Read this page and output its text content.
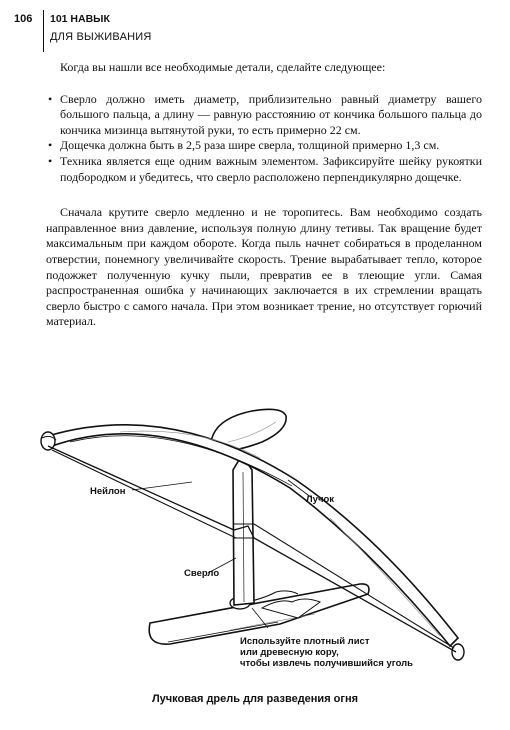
106 101 НАВЫК
ДЛЯ ВЫЖИВАНИЯ

Когда вы нашли все необходимые детали, сделайте следующее:

• Сверло должно иметь диаметр, приблизительно равный диаметру вашего большого пальца, а длину — равную расстоянию от кончика большого пальца до кончика мизинца вытянутой руки, то есть примерно 22 см.
• Дощечка должна быть в 2,5 раза шире сверла, толщиной примерно 1,3 см.
• Техника является еще одним важным элементом. Зафиксируйте шейку рукоятки подбородком и убедитесь, что сверло расположено перпендикулярно дощечке.

Сначала крутите сверло медленно и не торопитесь. Вам необходимо создать направленное вниз давление, используя полную длину тетивы. Так вращение будет максимальным при каждом обороте. Когда пыль начнет собираться в проделанном отверстии, понемногу увеличивайте скорость. Трение вырабатывает тепло, которое подожжет полученную кучку пыли, превратив ее в тлеющие угли. Самая распространенная ошибка у начинающих заключается в их стремлении вращать сверло быстро с самого начала. При этом возникает трение, но отсутствует горючий материал.

Нейлон
Лучок
Сверло
Используйте плотный лист
или древесную кору,
чтобы извлечь получившийся уголь
Лучковая дрель для разведения огня
